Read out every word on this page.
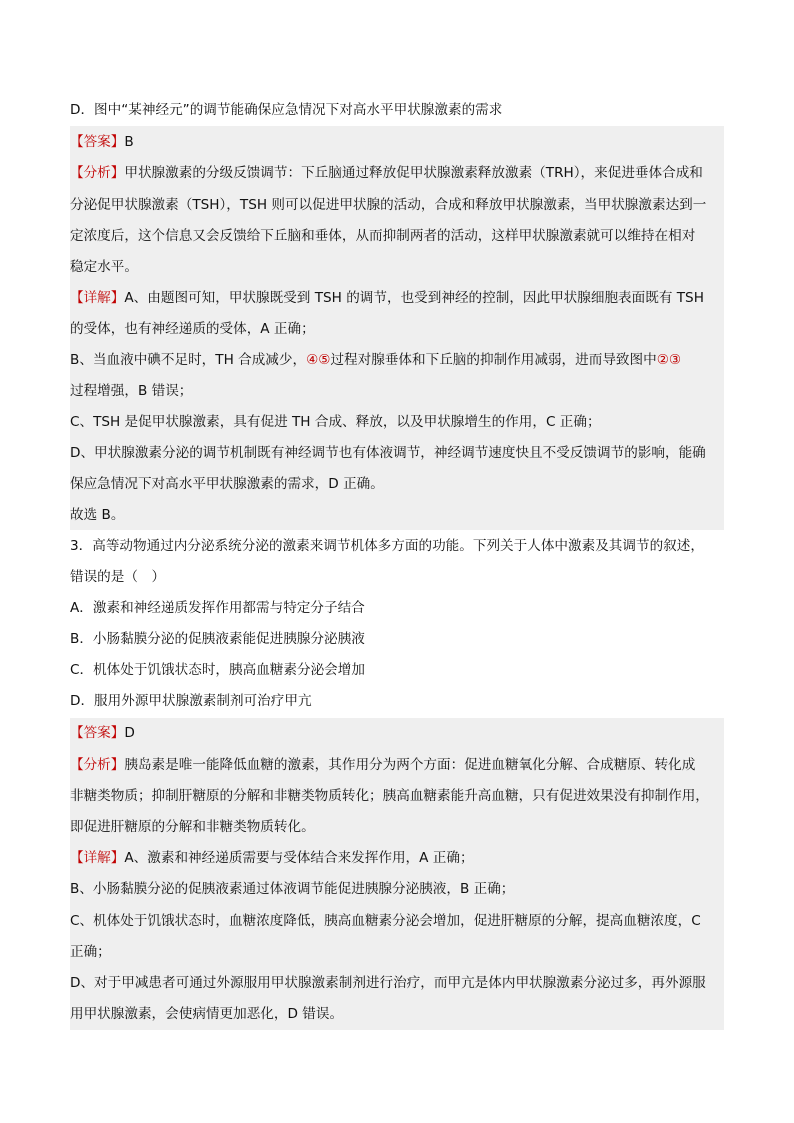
D．图中“某神经元”的调节能确保应急情况下对高水平甲状腺激素的需求
【答案】B
【分析】甲状腺激素的分级反馈调节：下丘脑通过释放促甲状腺激素释放激素（TRH），来促进垂体合成和
分泌促甲状腺激素（TSH），TSH 则可以促进甲状腺的活动，合成和释放甲状腺激素，当甲状腺激素达到一
定浓度后，这个信息又会反馈给下丘脑和垂体，从而抑制两者的活动，这样甲状腺激素就可以维持在相对
稳定水平。
【详解】A、由题图可知，甲状腺既受到 TSH 的调节，也受到神经的控制，因此甲状腺细胞表面既有 TSH
的受体，也有神经递质的受体，A 正确；
B、当血液中碘不足时，TH 合成减少，④⑤过程对腺垂体和下丘脑的抑制作用减弱，进而导致图中②③
过程增强，B 错误；
C、TSH 是促甲状腺激素，具有促进 TH 合成、释放，以及甲状腺增生的作用，C 正确；
D、甲状腺激素分泌的调节机制既有神经调节也有体液调节，神经调节速度快且不受反馈调节的影响，能确
保应急情况下对高水平甲状腺激素的需求，D 正确。
故选 B。
3．高等动物通过内分泌系统分泌的激素来调节机体多方面的功能。下列关于人体中激素及其调节的叙述，
错误的是（　）
A．激素和神经递质发挥作用都需与特定分子结合
B．小肠黏膜分泌的促胰液素能促进胰腺分泌胰液
C．机体处于饥饿状态时，胰高血糖素分泌会增加
D．服用外源甲状腺激素制剂可治疗甲亢
【答案】D
【分析】胰岛素是唯一能降低血糖的激素，其作用分为两个方面：促进血糖氧化分解、合成糖原、转化成
非糖类物质；抑制肝糖原的分解和非糖类物质转化；胰高血糖素能升高血糖，只有促进效果没有抑制作用，
即促进肝糖原的分解和非糖类物质转化。
【详解】A、激素和神经递质需要与受体结合来发挥作用，A 正确；
B、小肠黏膜分泌的促胰液素通过体液调节能促进胰腺分泌胰液，B 正确；
C、机体处于饥饿状态时，血糖浓度降低，胰高血糖素分泌会增加，促进肝糖原的分解，提高血糖浓度，C
正确；
D、对于甲减患者可通过外源服用甲状腺激素制剂进行治疗，而甲亢是体内甲状腺激素分泌过多，再外源服
用甲状腺激素，会使病情更加恶化，D 错误。
